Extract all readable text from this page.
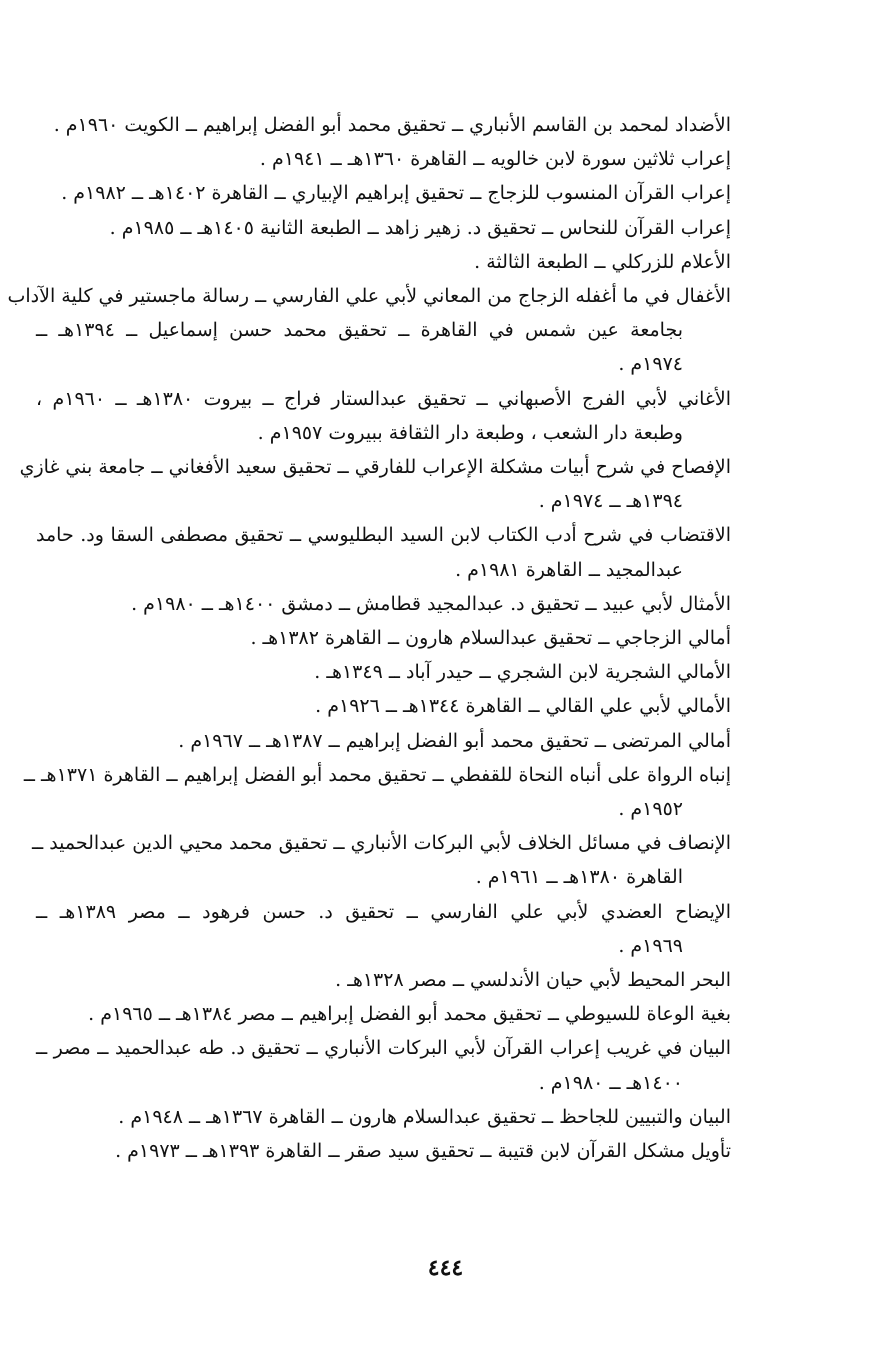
الأضداد لمحمد بن القاسم الأنباري ــ تحقيق محمد أبو الفضل إبراهيم ــ الكويت ١٩٦٠م .
إعراب ثلاثين سورة لابن خالويه ــ القاهرة ١٣٦٠هـ ــ ١٩٤١م .
إعراب القرآن المنسوب للزجاج ــ تحقيق إبراهيم الإبياري ــ القاهرة ١٤٠٢هـ ــ ١٩٨٢م .
إعراب القرآن للنحاس ــ تحقيق د. زهير زاهد ــ الطبعة الثانية ١٤٠٥هـ ــ ١٩٨٥م .
الأعلام للزركلي ــ الطبعة الثالثة .
الأغفال في ما أغفله الزجاج من المعاني لأبي علي الفارسي ــ رسالة ماجستير في كلية الآداب
بجامعة عين شمس في القاهرة ــ تحقيق محمد حسن إسماعيل ــ ١٣٩٤هـ ــ
١٩٧٤م .
الأغاني لأبي الفرج الأصبهاني ــ تحقيق عبدالستار فراج ــ بيروت ١٣٨٠هـ ــ ١٩٦٠م ،
وطبعة دار الشعب ، وطبعة دار الثقافة ببيروت ١٩٥٧م .
الإفصاح في شرح أبيات مشكلة الإعراب للفارقي ــ تحقيق سعيد الأفغاني ــ جامعة بني غازي
١٣٩٤هـ ــ ١٩٧٤م .
الاقتضاب في شرح أدب الكتاب لابن السيد البطليوسي ــ تحقيق مصطفى السقا ود. حامد
عبدالمجيد ــ القاهرة ١٩٨١م .
الأمثال لأبي عبيد ــ تحقيق د. عبدالمجيد قطامش ــ دمشق ١٤٠٠هـ ــ ١٩٨٠م .
أمالي الزجاجي ــ تحقيق عبدالسلام هارون ــ القاهرة ١٣٨٢هـ .
الأمالي الشجرية لابن الشجري ــ حيدر آباد ــ ١٣٤٩هـ .
الأمالي لأبي علي القالي ــ القاهرة ١٣٤٤هـ ــ ١٩٢٦م .
أمالي المرتضى ــ تحقيق محمد أبو الفضل إبراهيم ــ ١٣٨٧هـ ــ ١٩٦٧م .
إنباه الرواة على أنباه النحاة للقفطي ــ تحقيق محمد أبو الفضل إبراهيم ــ القاهرة ١٣٧١هـ ــ
١٩٥٢م .
الإنصاف في مسائل الخلاف لأبي البركات الأنباري ــ تحقيق محمد محيي الدين عبدالحميد ــ
القاهرة ١٣٨٠هـ ــ ١٩٦١م .
الإيضاح العضدي لأبي علي الفارسي ــ تحقيق د. حسن فرهود ــ مصر ١٣٨٩هـ ــ
١٩٦٩م .
البحر المحيط لأبي حيان الأندلسي ــ مصر ١٣٢٨هـ .
بغية الوعاة للسيوطي ــ تحقيق محمد أبو الفضل إبراهيم ــ مصر ١٣٨٤هـ ــ ١٩٦٥م .
البيان في غريب إعراب القرآن لأبي البركات الأنباري ــ تحقيق د. طه عبدالحميد ــ مصر ــ
١٤٠٠هـ ــ ١٩٨٠م .
البيان والتبيين للجاحظ ــ تحقيق عبدالسلام هارون ــ القاهرة ١٣٦٧هـ ــ ١٩٤٨م .
تأويل مشكل القرآن لابن قتيبة ــ تحقيق سيد صقر ــ القاهرة ١٣٩٣هـ ــ ١٩٧٣م .
٤٤٤
